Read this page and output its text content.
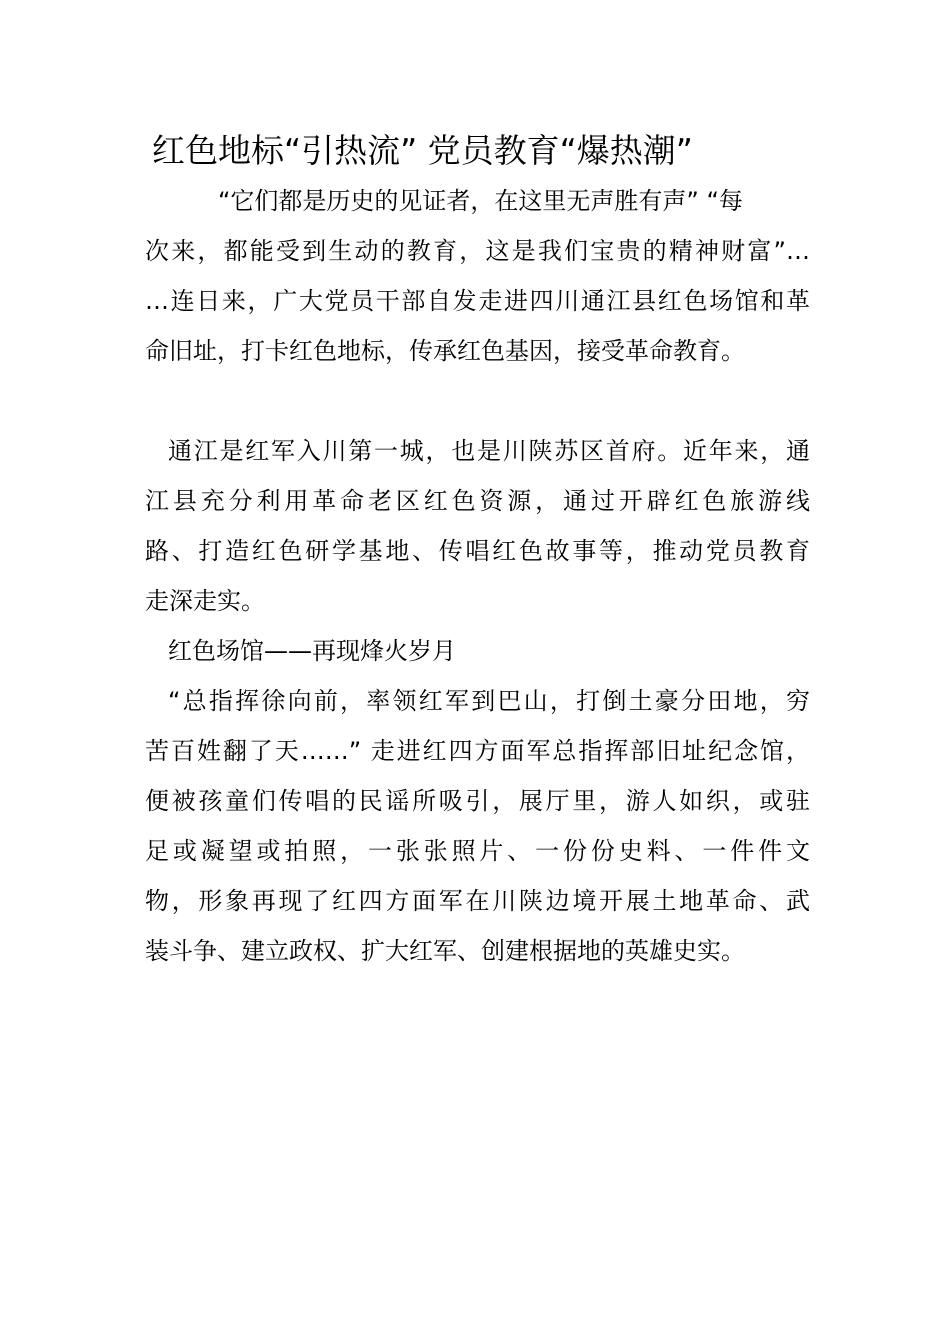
红色地标“引热流” 党员教育“爆热潮”
“它们都是历史的见证者，在这里无声胜有声” “每
次来，都能受到生动的教育，这是我们宝贵的精神财富”…
…连日来，广大党员干部自发走进四川通江县红色场馆和革
命旧址，打卡红色地标，传承红色基因，接受革命教育。
通江是红军入川第一城，也是川陕苏区首府。近年来，通
江县充分利用革命老区红色资源，通过开辟红色旅游线
路、打造红色研学基地、传唱红色故事等，推动党员教育
走深走实。
红色场馆——再现烽火岁月
“总指挥徐向前，率领红军到巴山，打倒土豪分田地，穷
苦百姓翻了天……” 走进红四方面军总指挥部旧址纪念馆，
便被孩童们传唱的民谣所吸引，展厅里，游人如织，或驻
足或凝望或拍照，一张张照片、一份份史料、一件件文
物，形象再现了红四方面军在川陕边境开展土地革命、武
装斗争、建立政权、扩大红军、创建根据地的英雄史实。
